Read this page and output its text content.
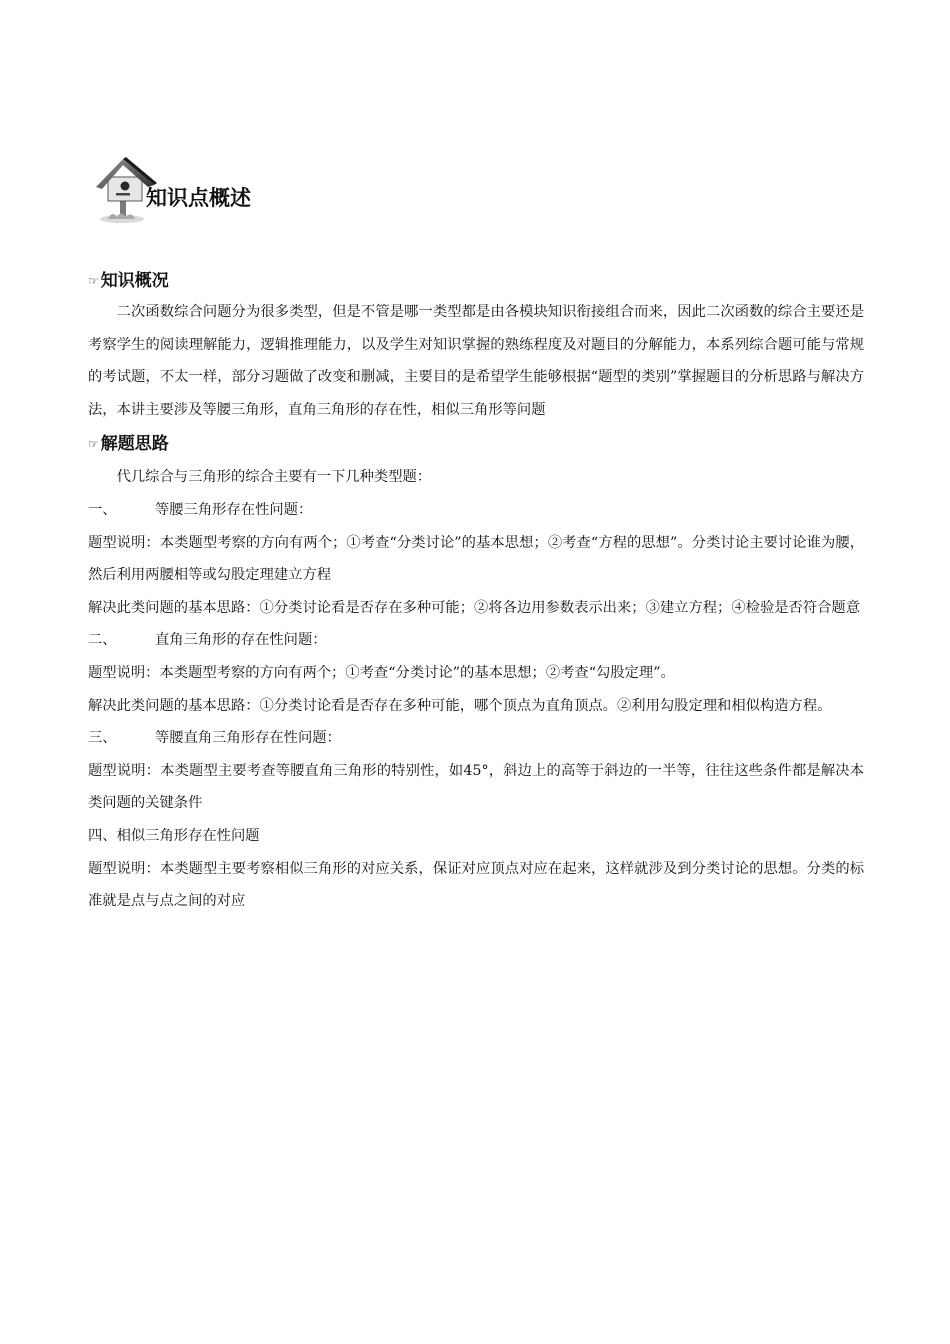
知识点概述
☞ 知识概况

二次函数综合问题分为很多类型，但是不管是哪一类型都是由各模块知识衔接组合而来，因此二次函数的综合主要还是考察学生的阅读理解能力，逻辑推理能力，以及学生对知识掌握的熟练程度及对题目的分解能力，本系列综合题可能与常规的考试题，不太一样，部分习题做了改变和删减，主要目的是希望学生能够根据“题型的类别”掌握题目的分析思路与解决方法，本讲主要涉及等腰三角形，直角三角形的存在性，相似三角形等问题

☞ 解题思路

代几综合与三角形的综合主要有一下几种类型题：

一、	等腰三角形存在性问题：

题型说明：本类题型考察的方向有两个；①考查“分类讨论”的基本思想；②考查“方程的思想”。分类讨论主要讨论谁为腰，然后利用两腰相等或勾股定理建立方程

解决此类问题的基本思路：①分类讨论看是否存在多种可能；②将各边用参数表示出来；③建立方程；④检验是否符合题意

二、	直角三角形的存在性问题：

题型说明：本类题型考察的方向有两个；①考查“分类讨论”的基本思想；②考查“勾股定理”。

解决此类问题的基本思路：①分类讨论看是否存在多种可能，哪个顶点为直角顶点。②利用勾股定理和相似构造方程。

三、	等腰直角三角形存在性问题：

题型说明：本类题型主要考查等腰直角三角形的特别性，如45°，斜边上的高等于斜边的一半等，往往这些条件都是解决本类问题的关键条件

四、相似三角形存在性问题

题型说明：本类题型主要考察相似三角形的对应关系，保证对应顶点对应在起来，这样就涉及到分类讨论的思想。分类的标准就是点与点之间的对应
